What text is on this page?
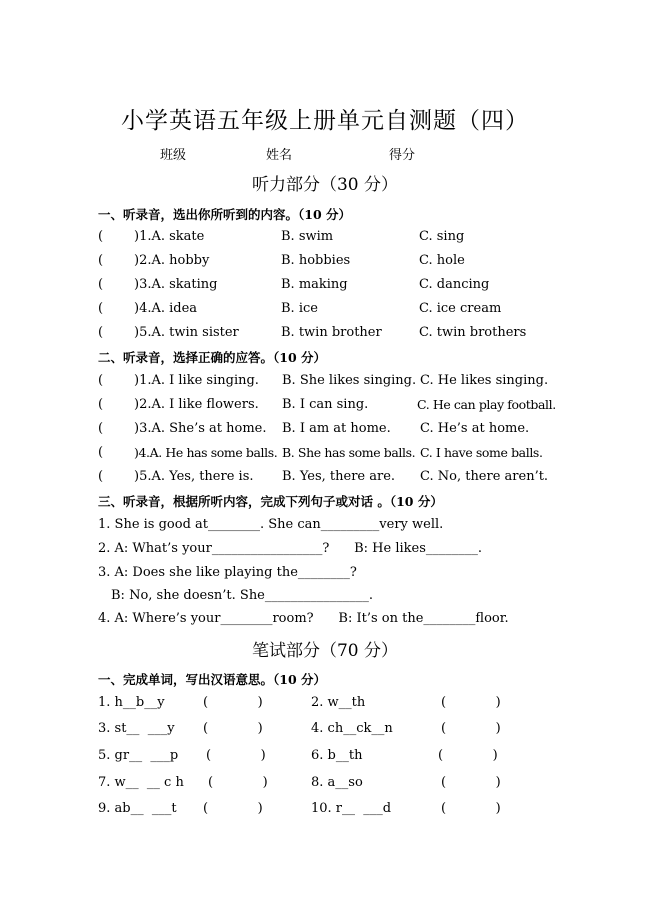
小学英语五年级上册单元自测题（四）
班级	姓名	得分
听力部分（30 分）
一、听录音，选出你所听到的内容。（10 分）
( )1.A. skate	B. swim	C. sing
( )2.A. hobby	B. hobbies	C. hole
( )3.A. skating	B. making	C. dancing
( )4.A. idea	B. ice	C. ice cream
( )5.A. twin sister	B. twin brother	C. twin brothers
二、听录音，选择正确的应答。（10 分）
( )1.A. I like singing. B. She likes singing. C. He likes singing.
( )2.A. I like flowers. B. I can sing.	C. He can play football.
( )3.A. She’s at home. B. I am at home. C. He’s at home.
( )4.A. He has some balls. B. She has some balls. C. I have some balls.
( )5.A. Yes, there is. B. Yes, there are. C. No, there aren’t.
三、听录音，根据所听内容，完成下列句子或对话 。（10 分）
1. She is good at________. She can_________very well.
2. A: What’s your_________________?      B: He likes________.
3. A: Does she like playing the________?
B: No, she doesn’t. She________________.
4. A: Where’s your________room?      B: It’s on the________floor.
笔试部分（70 分）
一、完成单词，写出汉语意思。（10 分）
1. h__b__y	(            )	2. w__th	(            )
3. st__  ___y (            )	4. ch__ck__n	(            )
5. gr__  ___p (            )	6. b__th	(            )
7. w__  __ c h (            )	8. a__so	(            )
9. ab__  ___t (            )	10. r__  ___d	(            )
